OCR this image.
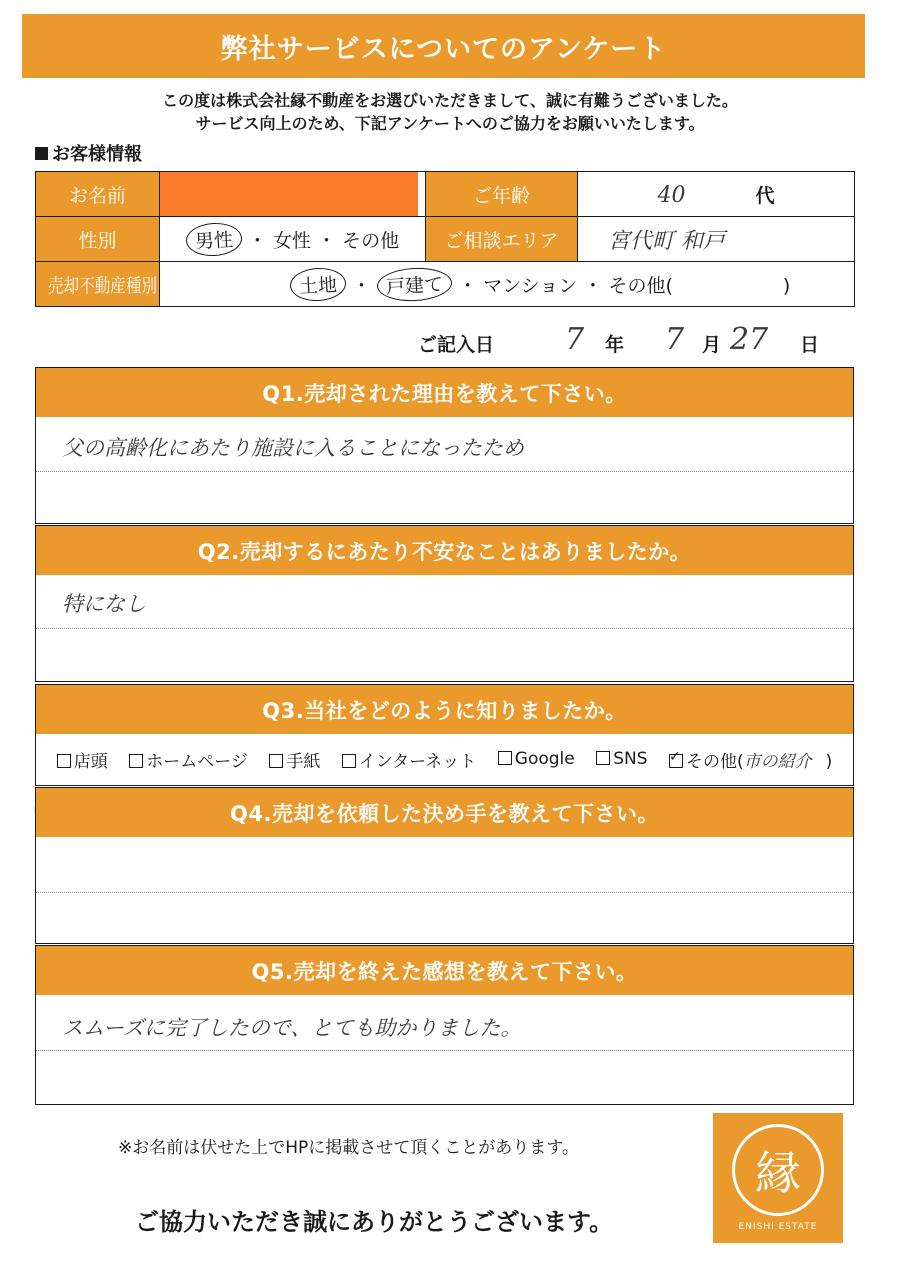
弊社サービスについてのアンケート
この度は株式会社縁不動産をお選びいただきまして、誠に有難うございました。
サービス向上のため、下記アンケートへのご協力をお願いいたします。
お客様情報
お名前		ご年齢	40 代
性別	男性 ・ 女性 ・ その他	ご相談エリア	宮代町 和戸
売却不動産種別	土地 ・ 戸建て ・ マンション ・ その他( )		
ご記入日 7 年 7 月 27 日
Q1.売却された理由を教えて下さい。
父の高齢化にあたり施設に入ることになったため
Q2.売却するにあたり不安なことはありましたか。
特になし
Q3.当社をどのように知りましたか。
店頭	ホームページ	手紙	インターネット	Google	SNS ✓	その他(市の紹介 )
Q4.売却を依頼した決め手を教えて下さい。
Q5.売却を終えた感想を教えて下さい。
スムーズに完了したので、とても助かりました。
※お名前は伏せた上でHPに掲載させて頂くことがあります。
ご協力いただき誠にありがとうございます。
縁
ENISHI ESTATE
